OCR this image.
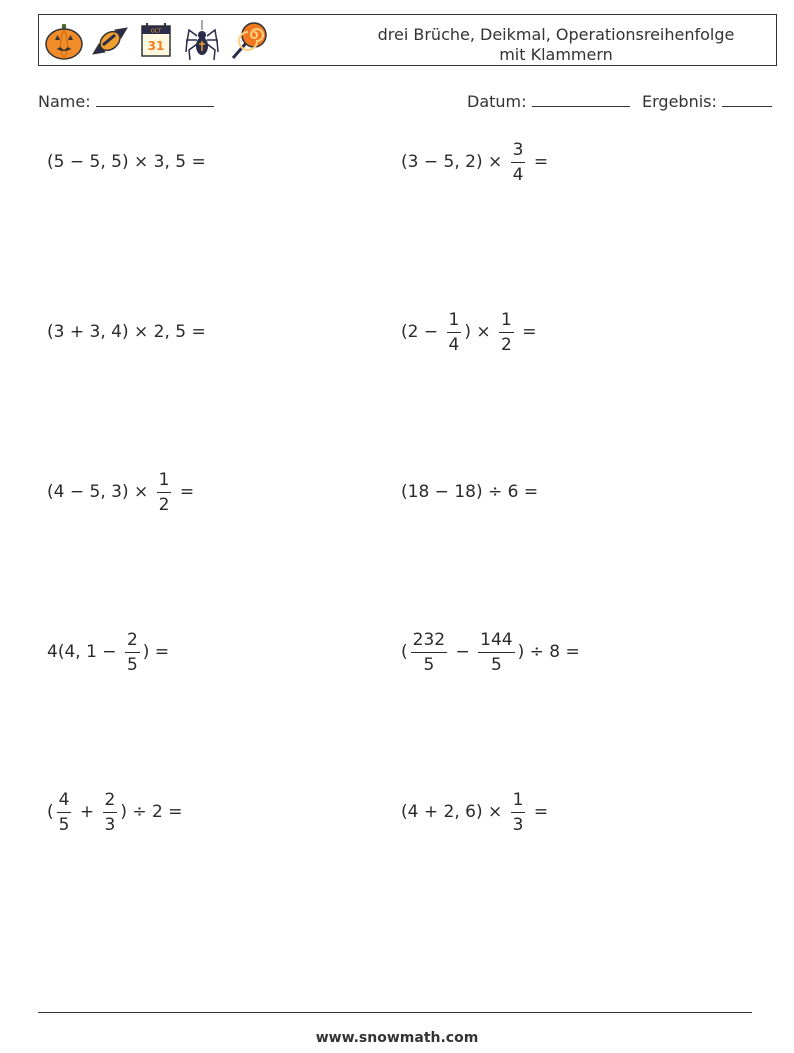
OCT
31
drei Brüche, Deikmal, Operationsreihenfolge
mit Klammern
Name:	Datum:	Ergebnis:
(5 − 5, 5) × 3, 5 =	(3 − 5, $2) \times \frac{3}{4}$ =
(3 + 3, 4) × 2, 5 =	($2 - \frac{1}{4}$ ) × $\frac{1}{2}$ =
(4 − 5, $3) \times \frac{1}{2}$ =	(18 − 18) ÷ 6 =
4(4, $1 - \frac{2}{5}$ ) =	( $\frac{232}{5} - \frac{144}{5}$ ) ÷ 8 =
( $\frac{4}{5} + \frac{2}{3}$ ) ÷ 2 =	(4 + 2, $6) \times \frac{1}{3}$ =
www.snowmath.com
